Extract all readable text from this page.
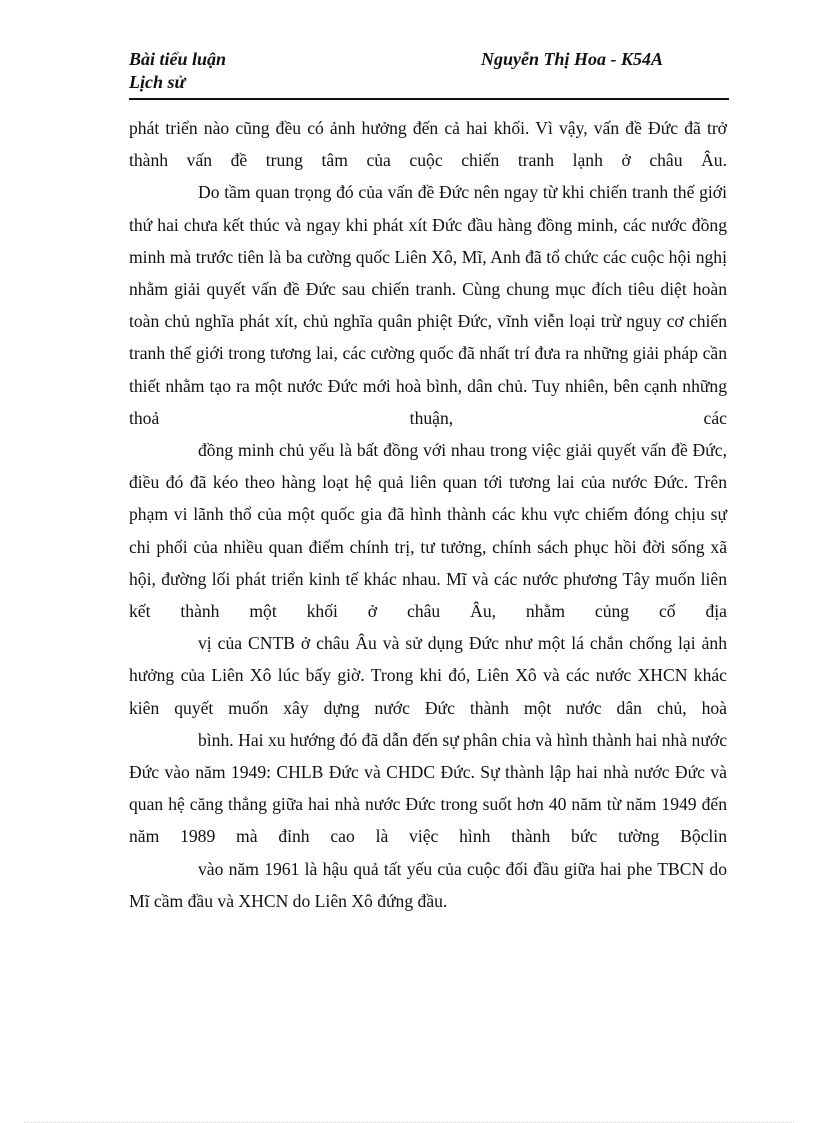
Bài tiểu luận
Lịch sử
Nguyễn Thị Hoa - K54A

phát triển nào cũng đều có ảnh hưởng đến cả hai khối. Vì vậy, vấn đề Đức đã trở thành vấn đề trung tâm của cuộc chiến tranh lạnh ở châu Âu.

Do tầm quan trọng đó của vấn đề Đức nên ngay từ khi chiến tranh thế giới thứ hai chưa kết thúc và ngay khi phát xít Đức đầu hàng đồng minh, các nước đồng minh mà trước tiên là ba cường quốc Liên Xô, Mĩ, Anh đã tổ chức các cuộc hội nghị nhằm giải quyết vấn đề Đức sau chiến tranh. Cùng chung mục đích tiêu diệt hoàn toàn chủ nghĩa phát xít, chủ nghĩa quân phiệt Đức, vĩnh viễn loại trừ nguy cơ chiến tranh thế giới trong tương lai, các cường quốc đã nhất trí đưa ra những giải pháp cần thiết nhằm tạo ra một nước Đức mới hoà bình, dân chủ. Tuy nhiên, bên cạnh những thoả thuận, các

đồng minh chủ yếu là bất đồng với nhau trong việc giải quyết vấn đề Đức, điều đó đã kéo theo hàng loạt hệ quả liên quan tới tương lai của nước Đức. Trên phạm vi lãnh thổ của một quốc gia đã hình thành các khu vực chiếm đóng chịu sự chi phối của nhiều quan điểm chính trị, tư tưởng, chính sách phục hồi đời sống xã hội, đường lối phát triển kinh tế khác nhau. Mĩ và các nước phương Tây muốn liên kết thành một khối ở châu Âu, nhằm củng cố địa

vị của CNTB ở châu Âu và sử dụng Đức như một lá chắn chống lại ảnh hưởng của Liên Xô lúc bấy giờ. Trong khi đó, Liên Xô và các nước XHCN khác kiên quyết muốn xây dựng nước Đức thành một nước dân chủ, hoà

bình. Hai xu hướng đó đã dẫn đến sự phân chia và hình thành hai nhà nước Đức vào năm 1949: CHLB Đức và CHDC Đức. Sự thành lập hai nhà nước Đức và quan hệ căng thẳng giữa hai nhà nước Đức trong suốt hơn 40 năm từ năm 1949 đến năm 1989 mà đỉnh cao là việc hình thành bức tường Bộclin

vào năm 1961 là hậu quả tất yếu của cuộc đối đầu giữa hai phe TBCN do Mĩ cầm đầu và XHCN do Liên Xô đứng đầu.
